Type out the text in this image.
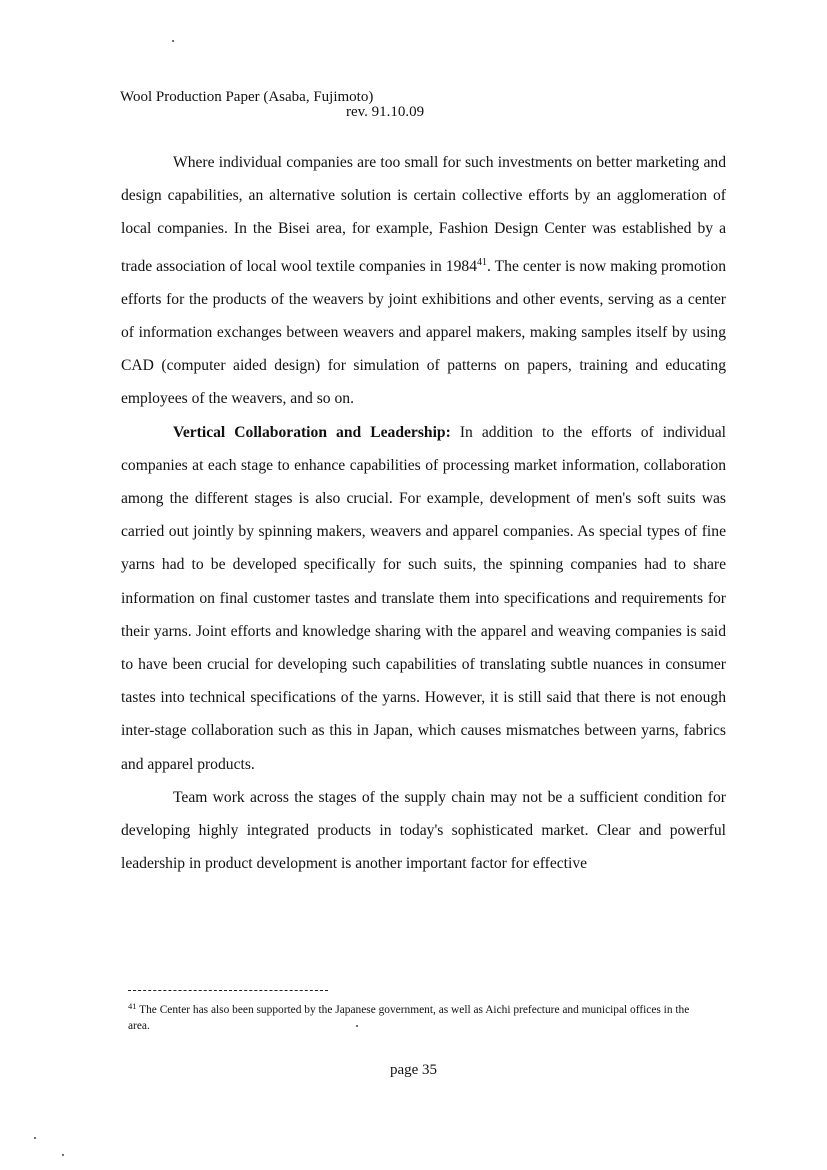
Wool Production Paper (Asaba, Fujimoto)
rev. 91.10.09

Where individual companies are too small for such investments on better marketing and design capabilities, an alternative solution is certain collective efforts by an agglomeration of local companies. In the Bisei area, for example, Fashion Design Center was established by a trade association of local wool textile companies in 1984$^{41}$. The center is now making promotion efforts for the products of the weavers by joint exhibitions and other events, serving as a center of information exchanges between weavers and apparel makers, making samples itself by using CAD (computer aided design) for simulation of patterns on papers, training and educating employees of the weavers, and so on.

Vertical Collaboration and Leadership: In addition to the efforts of individual companies at each stage to enhance capabilities of processing market information, collaboration among the different stages is also crucial. For example, development of men's soft suits was carried out jointly by spinning makers, weavers and apparel companies. As special types of fine yarns had to be developed specifically for such suits, the spinning companies had to share information on final customer tastes and translate them into specifications and requirements for their yarns. Joint efforts and knowledge sharing with the apparel and weaving companies is said to have been crucial for developing such capabilities of translating subtle nuances in consumer tastes into technical specifications of the yarns. However, it is still said that there is not enough inter-stage collaboration such as this in Japan, which causes mismatches between yarns, fabrics and apparel products.

Team work across the stages of the supply chain may not be a sufficient condition for developing highly integrated products in today's sophisticated market. Clear and powerful leadership in product development is another important factor for effective

$^{41}$ The Center has also been supported by the Japanese government, as well as Aichi prefecture and municipal offices in the area.
page 35
